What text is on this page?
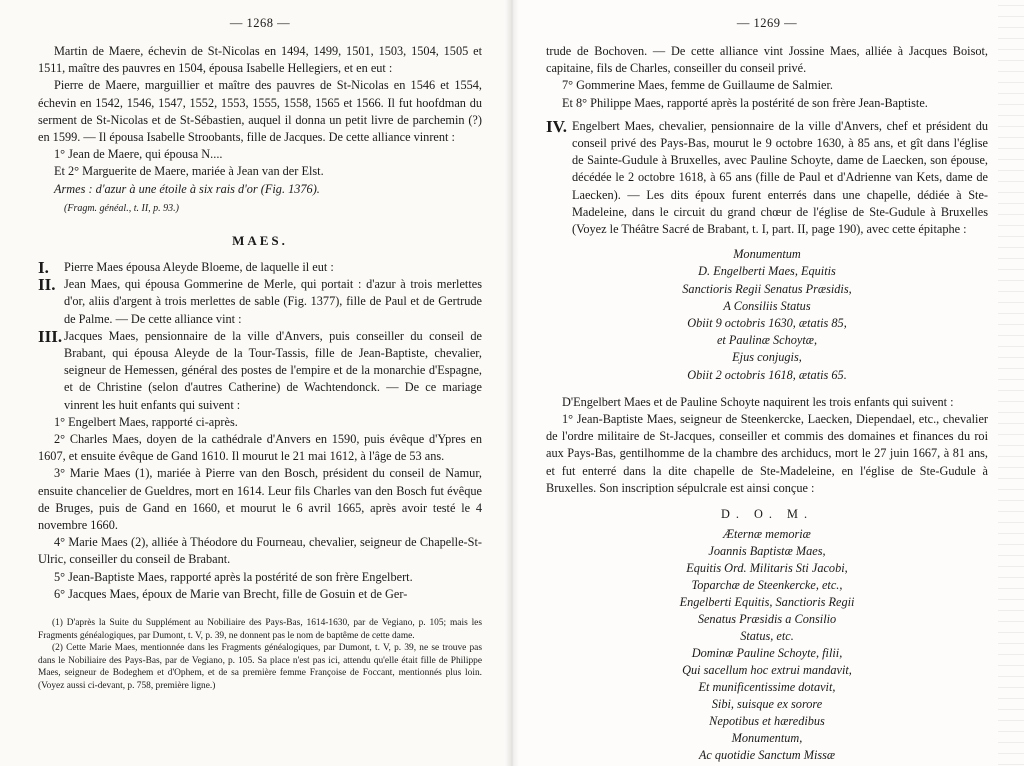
— 1268 —

Martin de Maere, échevin de St-Nicolas en 1494, 1499, 1501, 1503, 1504, 1505 et 1511, maître des pauvres en 1504, épousa Isabelle Hellegiers, et en eut :

Pierre de Maere, marguillier et maître des pauvres de St-Nicolas en 1546 et 1554, échevin en 1542, 1546, 1547, 1552, 1553, 1555, 1558, 1565 et 1566. Il fut hoofdman du serment de St-Nicolas et de St-Sébastien, auquel il donna un petit livre de parchemin (?) en 1599. — Il épousa Isabelle Stroobants, fille de Jacques. De cette alliance vinrent :

1° Jean de Maere, qui épousa N....

Et 2° Marguerite de Maere, mariée à Jean van der Elst.

Armes : d'azur à une étoile à six rais d'or (Fig. 1376).

(Fragm. généal., t. II, p. 93.)

MAES.
I.	Pierre Maes épousa Aleyde Bloeme, de laquelle il eut :

II. Jean Maes, qui épousa Gommerine de Merle, qui portait : d'azur à trois merlettes d'or, aliis d'argent à trois merlettes de sable (Fig. 1377), fille de Paul et de Gertrude de Palme. — De cette alliance vint :

III. Jacques Maes, pensionnaire de la ville d'Anvers, puis conseiller du conseil de Brabant, qui épousa Aleyde de la Tour-Tassis, fille de Jean-Baptiste, chevalier, seigneur de Hemessen, général des postes de l'empire et de la monarchie d'Espagne, et de Christine (selon d'autres Catherine) de Wachtendonck. — De ce mariage vinrent les huit enfants qui suivent :

1° Engelbert Maes, rapporté ci-après.

2° Charles Maes, doyen de la cathédrale d'Anvers en 1590, puis évêque d'Ypres en 1607, et ensuite évêque de Gand 1610. Il mourut le 21 mai 1612, à l'âge de 53 ans.

3° Marie Maes (1), mariée à Pierre van den Bosch, président du conseil de Namur, ensuite chancelier de Gueldres, mort en 1614. Leur fils Charles van den Bosch fut évêque de Bruges, puis de Gand en 1660, et mourut le 6 avril 1665, après avoir testé le 4 novembre 1660.

4° Marie Maes (2), alliée à Théodore du Fourneau, chevalier, seigneur de Chapelle-St-Ulric, conseiller du conseil de Brabant.

5° Jean-Baptiste Maes, rapporté après la postérité de son frère Engelbert.

6° Jacques Maes, époux de Marie van Brecht, fille de Gosuin et de Ger-

(1) D'après la Suite du Supplément au Nobiliaire des Pays-Bas, 1614-1630, par de Vegiano, p. 105; mais les Fragments généalogiques, par Dumont, t. V, p. 39, ne donnent pas le nom de baptême de cette dame.

(2) Cette Marie Maes, mentionnée dans les Fragments généalogiques, par Dumont, t. V, p. 39, ne se trouve pas dans le Nobiliaire des Pays-Bas, par de Vegiano, p. 105. Sa place n'est pas ici, attendu qu'elle était fille de Philippe Maes, seigneur de Bodeghem et d'Ophem, et de sa première femme Françoise de Foccant, mentionnés plus loin. (Voyez aussi ci-devant, p. 758, première ligne.)

— 1269 —

trude de Bochoven. — De cette alliance vint Jossine Maes, alliée à Jacques Boisot, capitaine, fils de Charles, conseiller du conseil privé.

7° Gommerine Maes, femme de Guillaume de Salmier.

Et 8° Philippe Maes, rapporté après la postérité de son frère Jean-Baptiste.

IV. Engelbert Maes, chevalier, pensionnaire de la ville d'Anvers, chef et président du conseil privé des Pays-Bas, mourut le 9 octobre 1630, à 85 ans, et gît dans l'église de Sainte-Gudule à Bruxelles, avec Pauline Schoyte, dame de Laecken, son épouse, décédée le 2 octobre 1618, à 65 ans (fille de Paul et d'Adrienne van Kets, dame de Laecken). — Les dits époux furent enterrés dans une chapelle, dédiée à Ste-Madeleine, dans le circuit du grand chœur de l'église de Ste-Gudule à Bruxelles (Voyez le Théâtre Sacré de Brabant, t. I, part. II, page 190), avec cette épitaphe :

Monumentum
D. Engelberti Maes, Equitis
Sanctioris Regii Senatus Præsidis,
A Consiliis Status
Obiit 9 octobris 1630, ætatis 85,
et Paulinæ Schoytæ,
Ejus conjugis,
Obiit 2 octobris 1618, ætatis 65.

D'Engelbert Maes et de Pauline Schoyte naquirent les trois enfants qui suivent :

1° Jean-Baptiste Maes, seigneur de Steenkercke, Laecken, Diependael, etc., chevalier de l'ordre militaire de St-Jacques, conseiller et commis des domaines et finances du roi aux Pays-Bas, gentilhomme de la chambre des archiducs, mort le 27 juin 1667, à 81 ans, et fut enterré dans la dite chapelle de Ste-Madeleine, en l'église de Ste-Gudule à Bruxelles. Son inscription sépulcrale est ainsi conçue :

D. O. M.
Æternæ memoriæ
Joannis Baptistæ Maes,
Equitis Ord. Militaris Sti Jacobi,
Toparchæ de Steenkercke, etc.,
Engelberti Equitis, Sanctioris Regii
Senatus Præsidis a Consilio
Status, etc.
Dominæ Pauline Schoyte, filii,
Qui sacellum hoc extrui mandavit,
Et munificentissime dotavit,
Sibi, suisque ex sorore
Nepotibus et hæredibus
Monumentum,
Ac quotidie Sanctum Missæ
